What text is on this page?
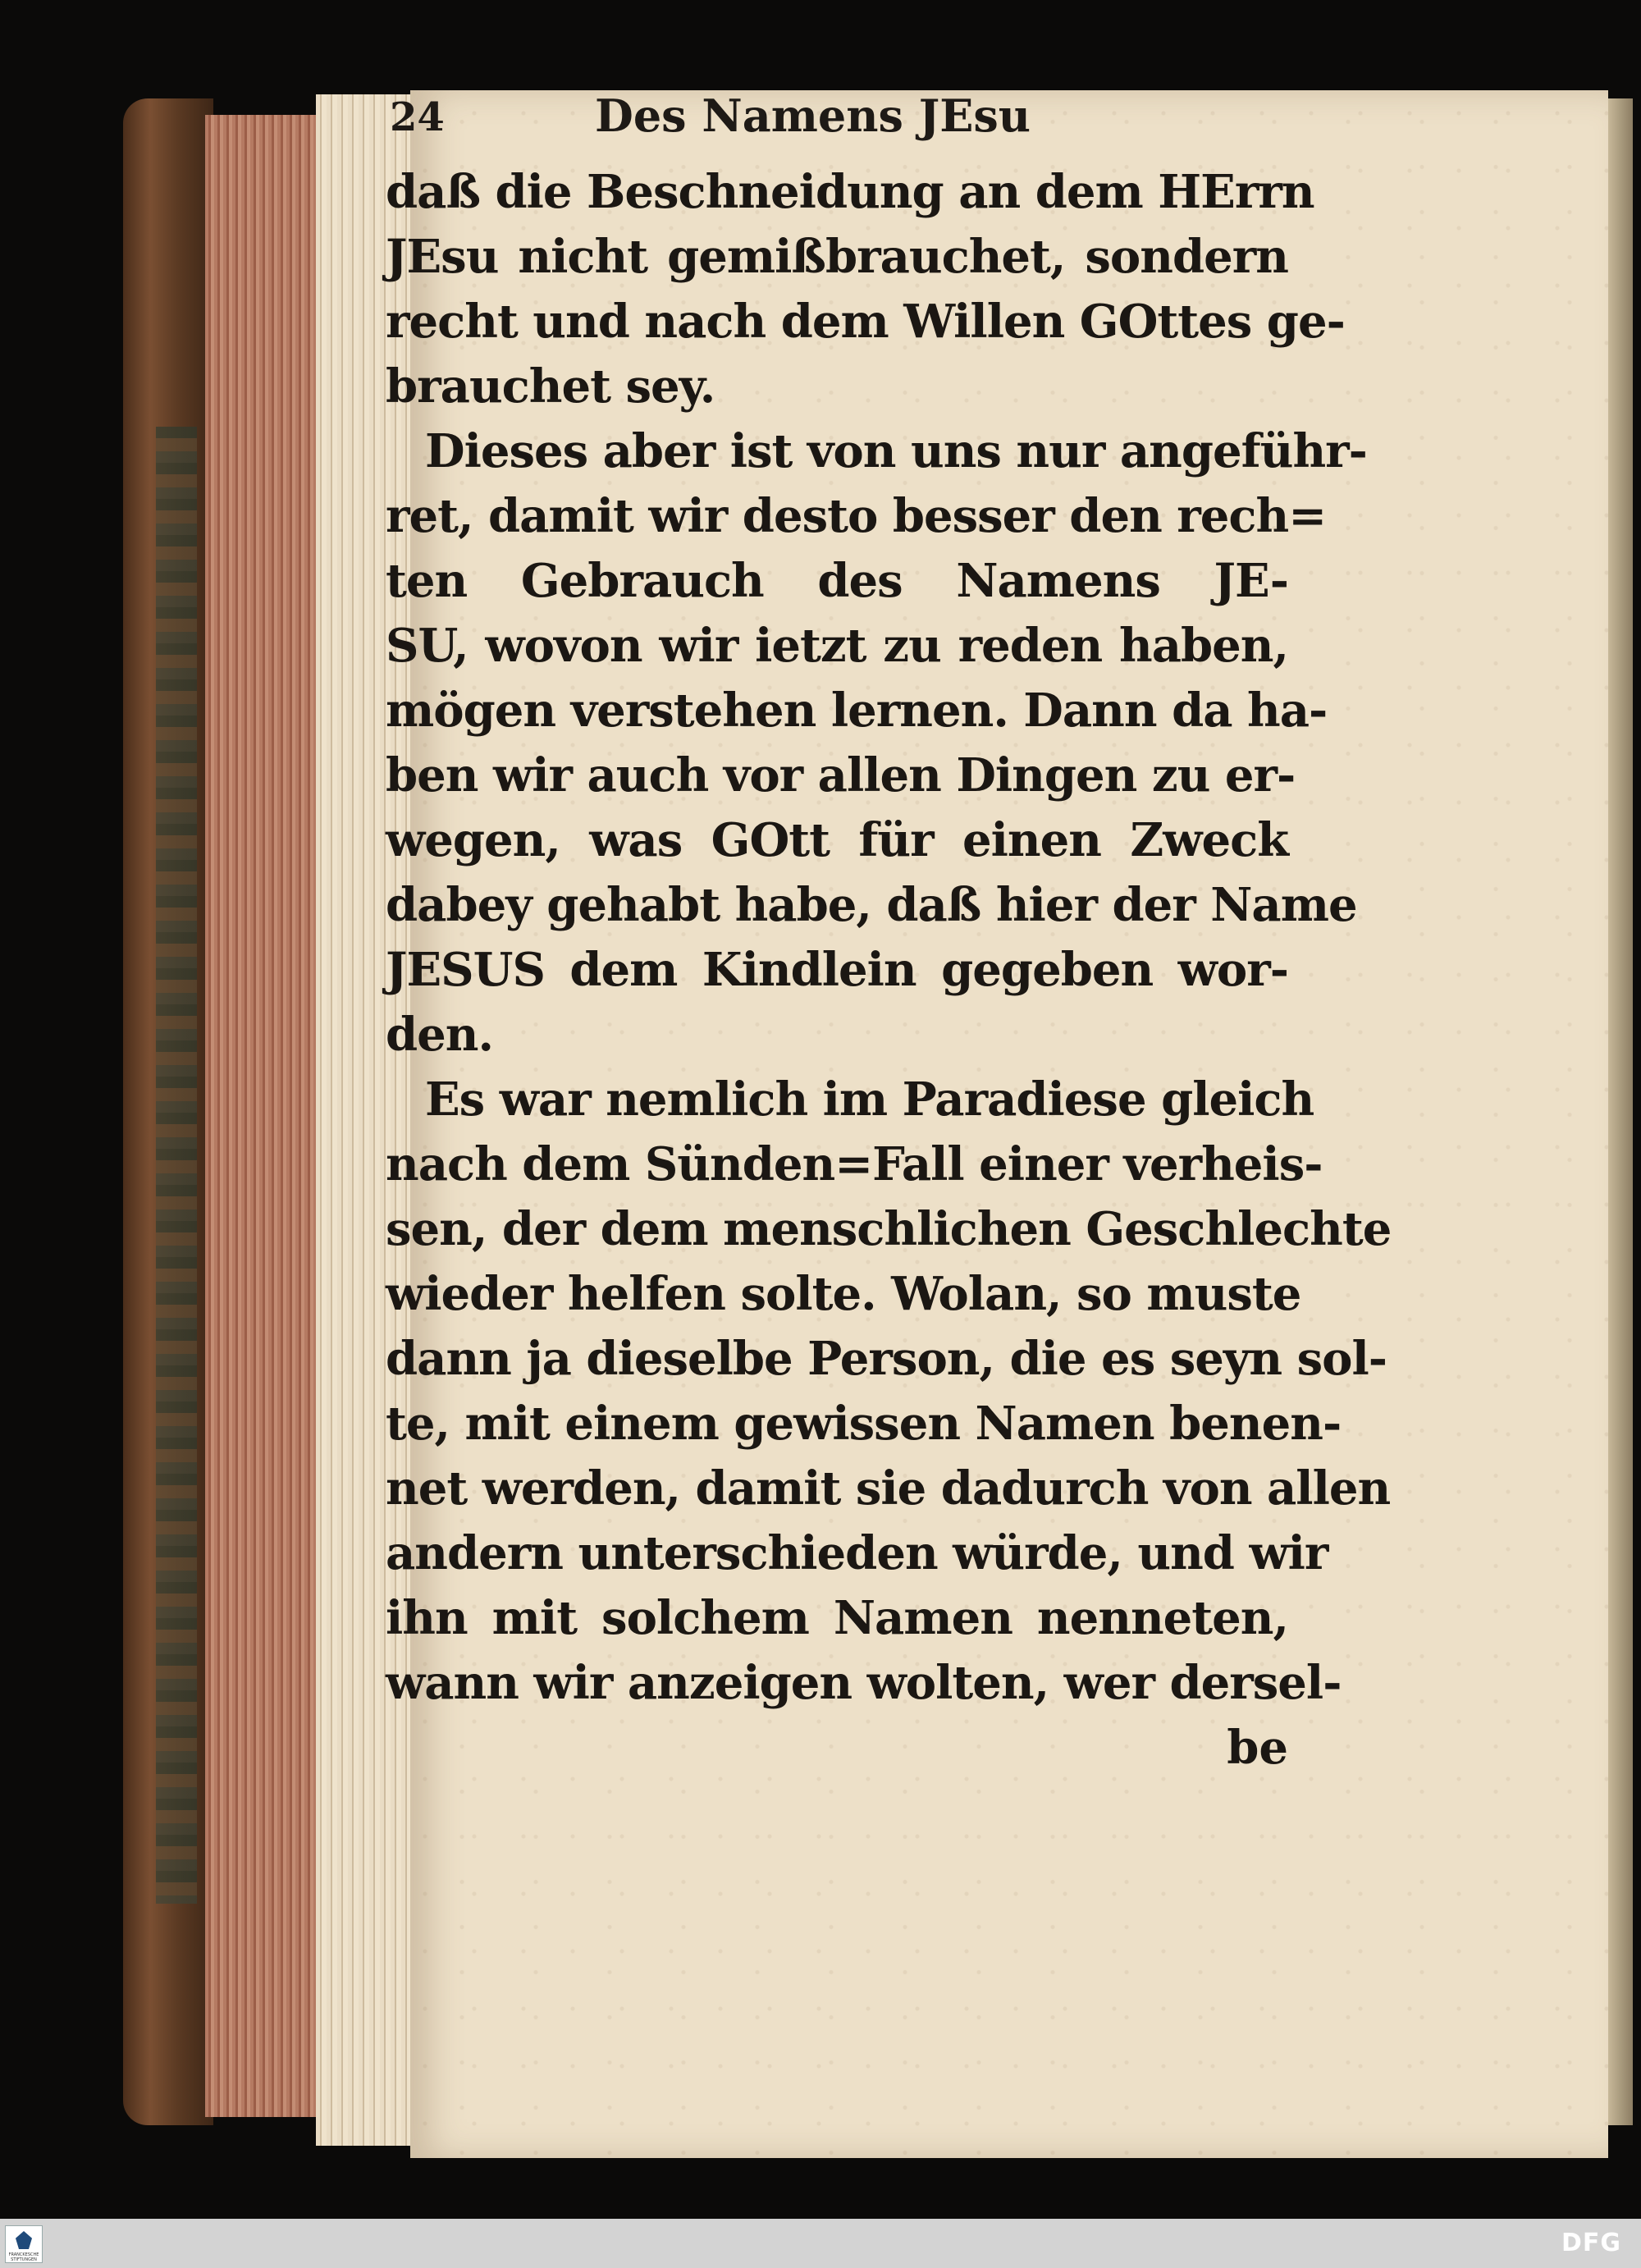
24	Des Namens JEsu
daß die Beschneidung an dem HErrn
JEsu nicht gemißbrauchet, sondern
recht und nach dem Willen GOttes ge-
brauchet sey.
Dieses aber ist von uns nur angeführ-
ret, damit wir desto besser den rech=
ten Gebrauch des Namens JE-
SU, wovon wir ietzt zu reden haben,
mögen verstehen lernen. Dann da ha-
ben wir auch vor allen Dingen zu er-
wegen, was GOtt für einen Zweck
dabey gehabt habe, daß hier der Name
JESUS dem Kindlein gegeben wor-
den.
Es war nemlich im Paradiese gleich
nach dem Sünden=Fall einer verheis-
sen, der dem menschlichen Geschlechte
wieder helfen solte. Wolan, so muste
dann ja dieselbe Person, die es seyn sol-
te, mit einem gewissen Namen benen-
net werden, damit sie dadurch von allen
andern unterschieden würde, und wir
ihn mit solchem Namen nenneten,
wann wir anzeigen wolten, wer dersel-
be
FRANCKESCHE STIFTUNGEN
DFG
